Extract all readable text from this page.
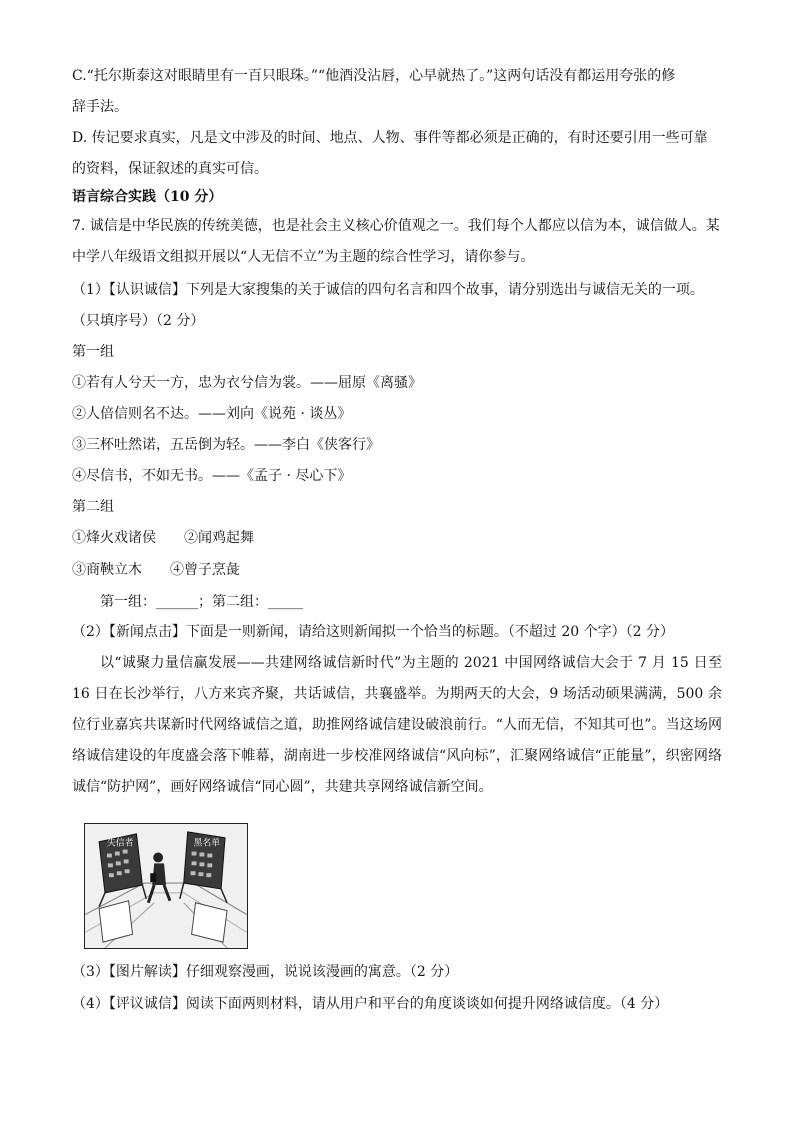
C.“托尔斯泰这对眼睛里有一百只眼珠。”“他酒没沾唇，心早就热了。”这两句话没有都运用夸张的修
辞手法。
D. 传记要求真实，凡是文中涉及的时间、地点、人物、事件等都必须是正确的，有时还要引用一些可靠
的资料，保证叙述的真实可信。
语言综合实践（10 分）
7. 诚信是中华民族的传统美德，也是社会主义核心价值观之一。我们每个人都应以信为本，诚信做人。某
中学八年级语文组拟开展以“人无信不立”为主题的综合性学习，请你参与。
（1）【认识诚信】下列是大家搜集的关于诚信的四句名言和四个故事，请分别选出与诚信无关的一项。
（只填序号）（2 分）
第一组
①若有人兮天一方，忠为衣兮信为裳。——屈原《离骚》
②人倍信则名不达。——刘向《说苑 · 谈丛》
③三杯吐然诺，五岳倒为轻。——李白《侠客行》
④尽信书，不如无书。——《孟子 · 尽心下》
第二组
①烽火戏诸侯　　②闻鸡起舞
③商鞅立木　　④曾子烹彘
第一组：______；第二组：_____
（2）【新闻点击】下面是一则新闻，请给这则新闻拟一个恰当的标题。（不超过 20 个字）（2 分）

以“诚聚力量信赢发展——共建网络诚信新时代”为主题的 2021 中国网络诚信大会于 7 月 15 日至 16 日在长沙举行，八方来宾齐聚，共话诚信，共襄盛举。为期两天的大会，9 场活动硕果满满，500 余位行业嘉宾共谋新时代网络诚信之道，助推网络诚信建设破浪前行。“人而无信，不知其可也”。当这场网络诚信建设的年度盛会落下帷幕，湖南进一步校准网络诚信“风向标”，汇聚网络诚信“正能量”，织密网络诚信“防护网”，画好网络诚信“同心圆”，共建共享网络诚信新空间。

失信者	黑名单
（3）【图片解读】仔细观察漫画，说说该漫画的寓意。（2 分）
（4）【评议诚信】阅读下面两则材料，请从用户和平台的角度谈谈如何提升网络诚信度。（4 分）
